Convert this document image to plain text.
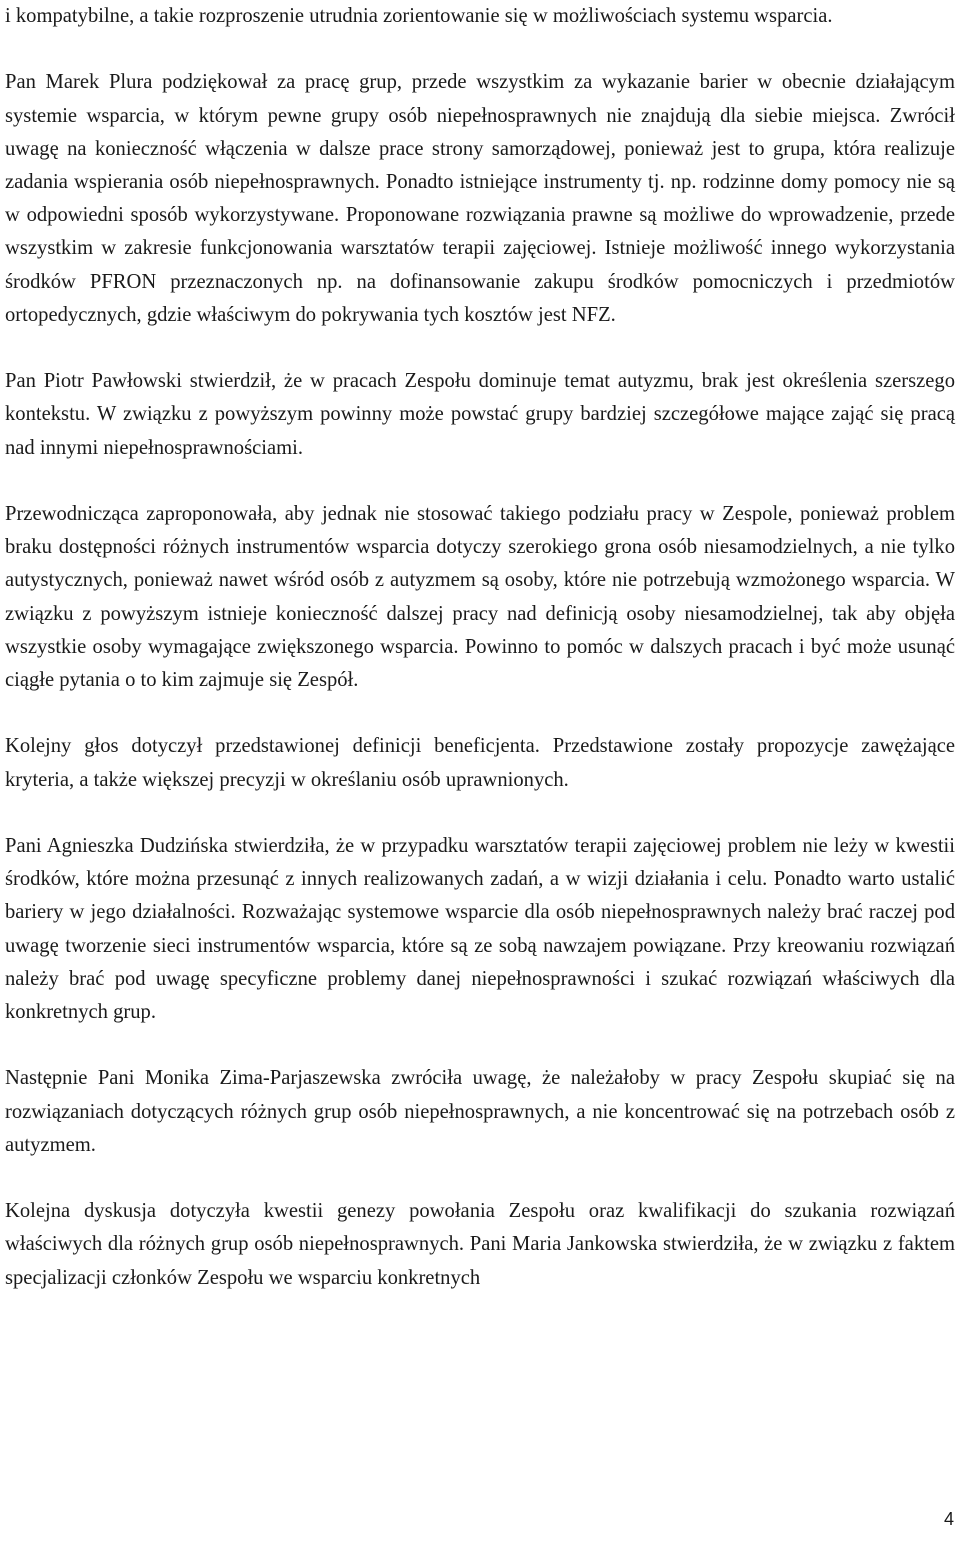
i kompatybilne, a takie rozproszenie utrudnia zorientowanie się w możliwościach systemu wsparcia.

Pan Marek Plura podziękował za pracę grup, przede wszystkim za wykazanie barier w obecnie działającym systemie wsparcia, w którym pewne grupy osób niepełnosprawnych nie znajdują dla siebie miejsca. Zwrócił uwagę na konieczność włączenia w dalsze prace strony samorządowej, ponieważ jest to grupa, która realizuje zadania wspierania osób niepełnosprawnych. Ponadto istniejące instrumenty tj. np. rodzinne domy pomocy nie są w odpowiedni sposób wykorzystywane. Proponowane rozwiązania prawne są możliwe do wprowadzenie, przede wszystkim w zakresie funkcjonowania warsztatów terapii zajęciowej. Istnieje możliwość innego wykorzystania środków PFRON przeznaczonych np. na dofinansowanie zakupu środków pomocniczych i przedmiotów ortopedycznych, gdzie właściwym do pokrywania tych kosztów jest NFZ.

Pan Piotr Pawłowski stwierdził, że w pracach Zespołu dominuje temat autyzmu, brak jest określenia szerszego kontekstu. W związku z powyższym powinny może powstać grupy bardziej szczegółowe mające zająć się pracą nad innymi niepełnosprawnościami.

Przewodnicząca zaproponowała, aby jednak nie stosować takiego podziału pracy w Zespole, ponieważ problem braku dostępności różnych instrumentów wsparcia dotyczy szerokiego grona osób niesamodzielnych, a nie tylko autystycznych, ponieważ nawet wśród osób z autyzmem są osoby, które nie potrzebują wzmożonego wsparcia. W związku z powyższym istnieje konieczność dalszej pracy nad definicją osoby niesamodzielnej, tak aby objęła wszystkie osoby wymagające zwiększonego wsparcia. Powinno to pomóc w dalszych pracach i być może usunąć ciągłe pytania o to kim zajmuje się Zespół.

Kolejny głos dotyczył przedstawionej definicji beneficjenta. Przedstawione zostały propozycje zawężające kryteria, a także większej precyzji w określaniu osób uprawnionych.

Pani Agnieszka Dudzińska stwierdziła, że w przypadku warsztatów terapii zajęciowej problem nie leży w kwestii środków, które można przesunąć z innych realizowanych zadań, a w wizji działania i celu. Ponadto warto ustalić bariery w jego działalności. Rozważając systemowe wsparcie dla osób niepełnosprawnych należy brać raczej pod uwagę tworzenie sieci instrumentów wsparcia, które są ze sobą nawzajem powiązane. Przy kreowaniu rozwiązań należy brać pod uwagę specyficzne problemy danej niepełnosprawności i szukać rozwiązań właściwych dla konkretnych grup.

Następnie Pani Monika Zima-Parjaszewska zwróciła uwagę, że należałoby w pracy Zespołu skupiać się na rozwiązaniach dotyczących różnych grup osób niepełnosprawnych, a nie koncentrować się na potrzebach osób z autyzmem.

Kolejna dyskusja dotyczyła kwestii genezy powołania Zespołu oraz kwalifikacji do szukania rozwiązań właściwych dla różnych grup osób niepełnosprawnych. Pani Maria Jankowska stwierdziła, że w związku z faktem specjalizacji członków Zespołu we wsparciu konkretnych

4
